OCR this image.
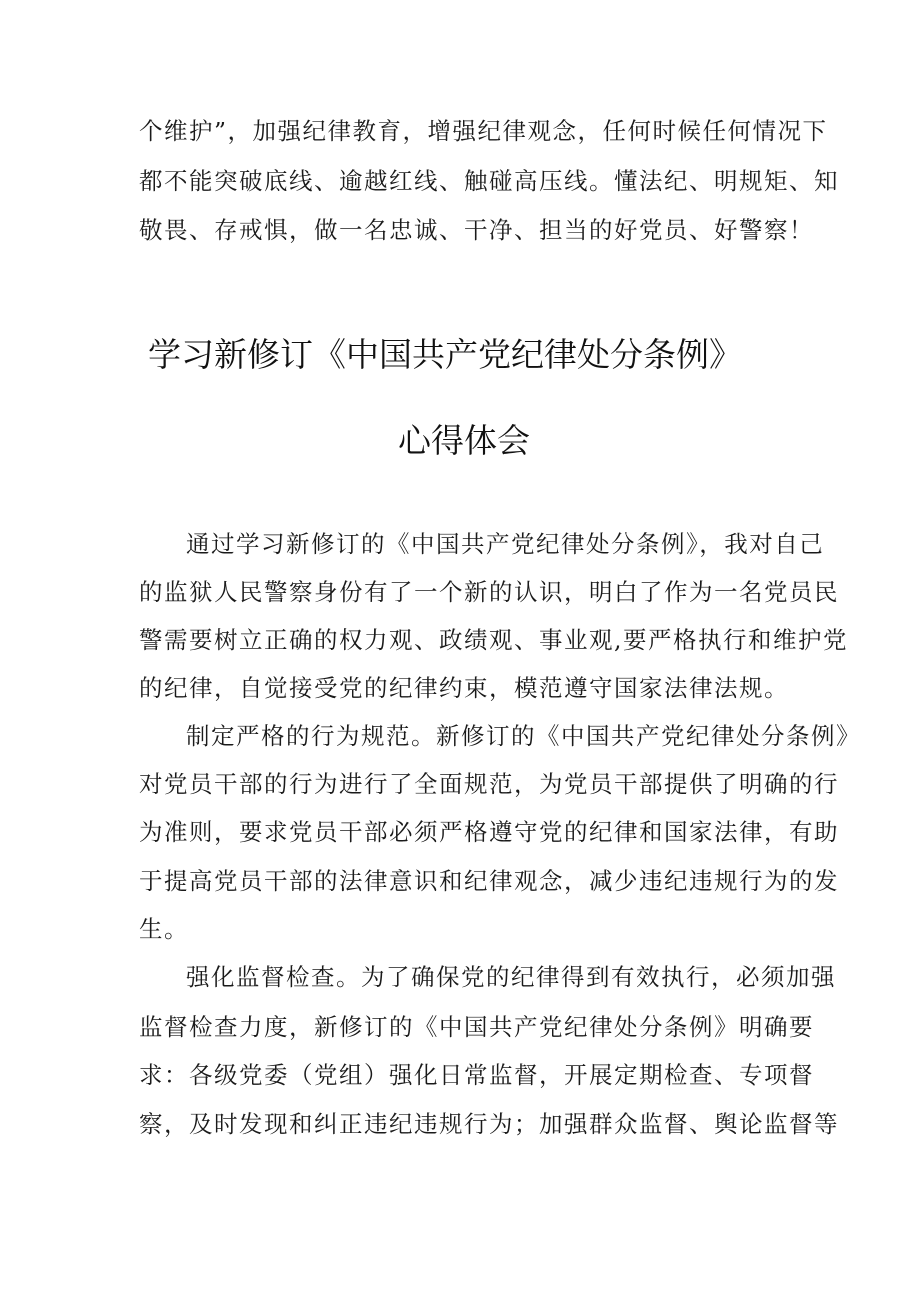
个维护”，加强纪律教育，增强纪律观念，任何时候任何情况下
都不能突破底线、逾越红线、触碰高压线。懂法纪、明规矩、知
敬畏、存戒惧，做一名忠诚、干净、担当的好党员、好警察！
学习新修订《中国共产党纪律处分条例》
心得体会
通过学习新修订的《中国共产党纪律处分条例》，我对自己
的监狱人民警察身份有了一个新的认识，明白了作为一名党员民
警需要树立正确的权力观、政绩观、事业观,要严格执行和维护党
的纪律，自觉接受党的纪律约束，模范遵守国家法律法规。
制定严格的行为规范。新修订的《中国共产党纪律处分条例》
对党员干部的行为进行了全面规范，为党员干部提供了明确的行
为准则，要求党员干部必须严格遵守党的纪律和国家法律，有助
于提高党员干部的法律意识和纪律观念，减少违纪违规行为的发
生。
强化监督检查。为了确保党的纪律得到有效执行，必须加强
监督检查力度，新修订的《中国共产党纪律处分条例》明确要
求：各级党委（党组）强化日常监督，开展定期检查、专项督
察，及时发现和纠正违纪违规行为；加强群众监督、舆论监督等
